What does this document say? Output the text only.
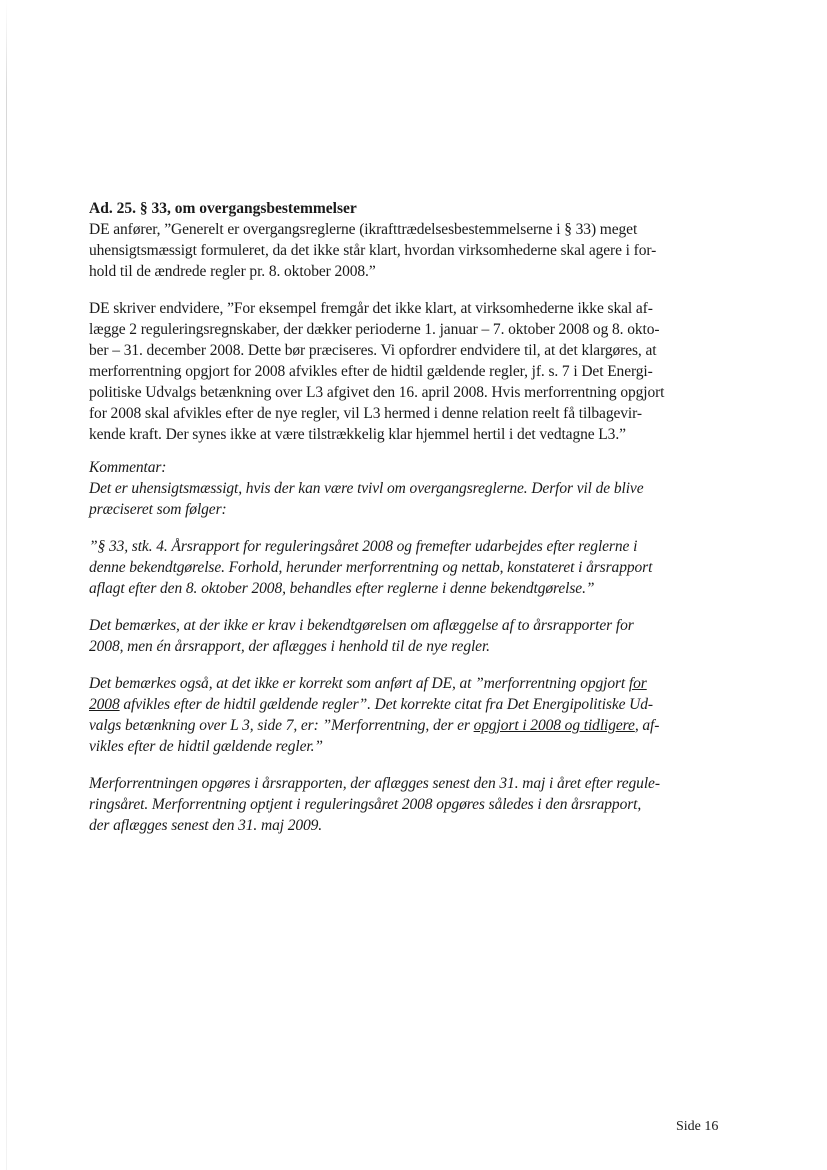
Ad. 25. § 33, om overgangsbestemmelser
DE anfører, ”Generelt er overgangsreglerne (ikrafttrædelsesbestemmelserne i § 33) meget
uhensigtsmæssigt formuleret, da det ikke står klart, hvordan virksomhederne skal agere i for-
hold til de ændrede regler pr. 8. oktober 2008.”
DE skriver endvidere, ”For eksempel fremgår det ikke klart, at virksomhederne ikke skal af-
lægge 2 reguleringsregnskaber, der dækker perioderne 1. januar – 7. oktober 2008 og 8. okto-
ber – 31. december 2008. Dette bør præciseres. Vi opfordrer endvidere til, at det klargøres, at
merforrentning opgjort for 2008 afvikles efter de hidtil gældende regler, jf. s. 7 i Det Energi-
politiske Udvalgs betænkning over L3 afgivet den 16. april 2008. Hvis merforrentning opgjort
for 2008 skal afvikles efter de nye regler, vil L3 hermed i denne relation reelt få tilbagevir-
kende kraft. Der synes ikke at være tilstrækkelig klar hjemmel hertil i det vedtagne L3.”
Kommentar:
Det er uhensigtsmæssigt, hvis der kan være tvivl om overgangsreglerne. Derfor vil de blive
præciseret som følger:
”§ 33, stk. 4. Årsrapport for reguleringsåret 2008 og fremefter udarbejdes efter reglerne i
denne bekendtgørelse. Forhold, herunder merforrentning og nettab, konstateret i årsrapport
aflagt efter den 8. oktober 2008, behandles efter reglerne i denne bekendtgørelse.”
Det bemærkes, at der ikke er krav i bekendtgørelsen om aflæggelse af to årsrapporter for
2008, men én årsrapport, der aflægges i henhold til de nye regler.
Det bemærkes også, at det ikke er korrekt som anført af DE, at ”merforrentning opgjort for
2008 afvikles efter de hidtil gældende regler”. Det korrekte citat fra Det Energipolitiske Ud-
valgs betænkning over L 3, side 7, er: ”Merforrentning, der er opgjort i 2008 og tidligere, af-
vikles efter de hidtil gældende regler.”
Merforrentningen opgøres i årsrapporten, der aflægges senest den 31. maj i året efter regule-
ringsåret. Merforrentning optjent i reguleringsåret 2008 opgøres således i den årsrapport,
der aflægges senest den 31. maj 2009.
Side 16
